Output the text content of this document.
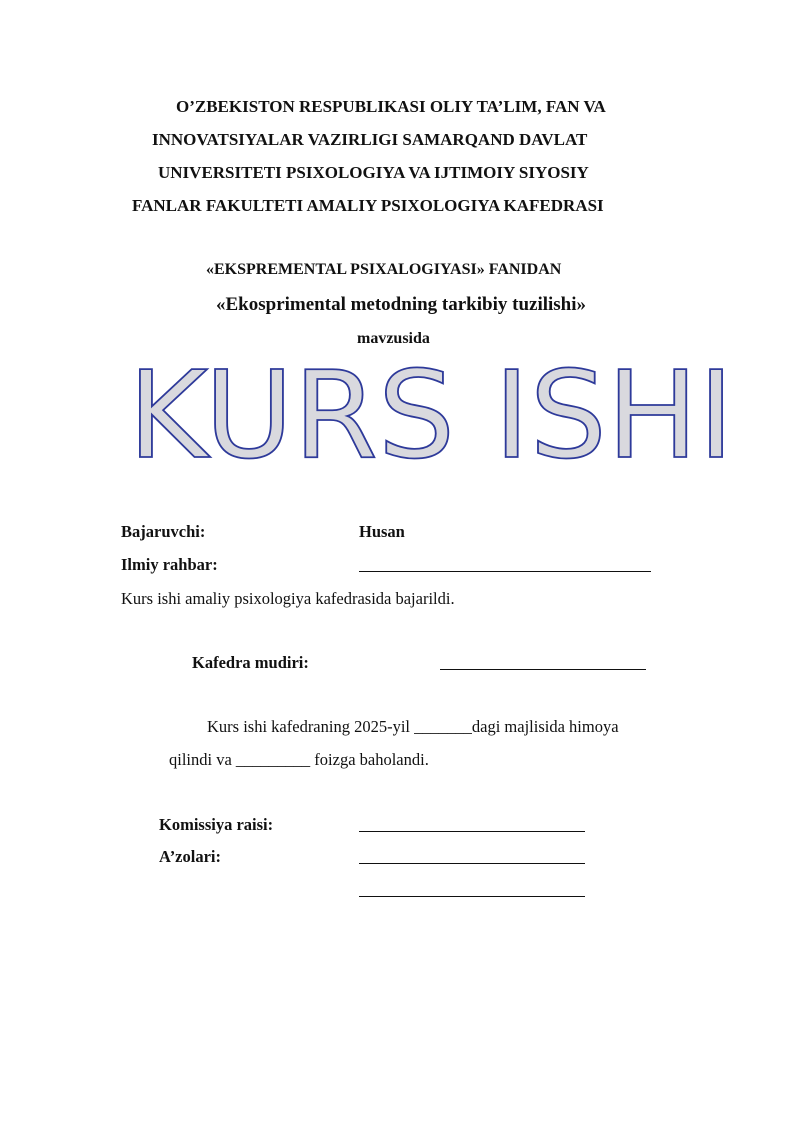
O’ZBEKISTON RESPUBLIKASI OLIY TA’LIM, FAN VA
INNOVATSIYALAR VAZIRLIGI SAMARQAND DAVLAT
UNIVERSITETI PSIXOLOGIYA VA IJTIMOIY SIYOSIY
FANLAR FAKULTETI AMALIY PSIXOLOGIYA KAFEDRASI
«EKSPREMENTAL PSIXALOGIYASI» FANIDAN
«Ekosprimental metodning tarkibiy tuzilishi»
mavzusida
KURS ISHI
Bajaruvchi:	Husan
Ilmiy rahbar:
Kurs ishi amaliy psixologiya kafedrasida bajarildi.
Kafedra mudiri:
Kurs ishi kafedraning 2025-yil _______dagi majlisida himoya
qilindi va _________ foizga baholandi.
Komissiya raisi:
A’zolari:
